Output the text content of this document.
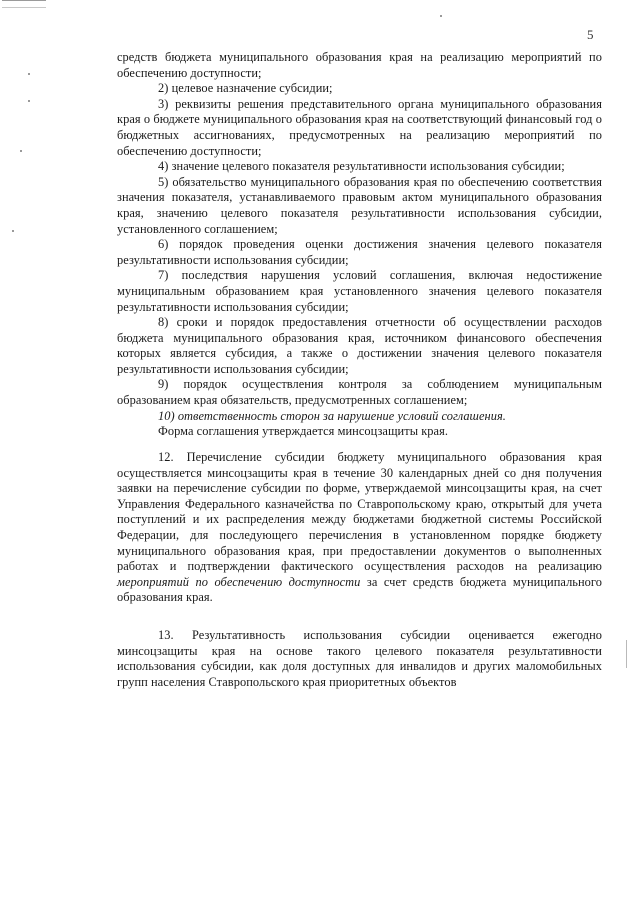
5

средств бюджета муниципального образования края на реализацию мероприятий по обеспечению доступности;

2) целевое назначение субсидии;

3) реквизиты решения представительного органа муниципального образования края о бюджете муниципального образования края на соответствующий финансовый год о бюджетных ассигнованиях, предусмотренных на реализацию мероприятий по обеспечению доступности;

4) значение целевого показателя результативности использования субсидии;

5) обязательство муниципального образования края по обеспечению соответствия значения показателя, устанавливаемого правовым актом муниципального образования края, значению целевого показателя результативности использования субсидии, установленного соглашением;

6) порядок проведения оценки достижения значения целевого показателя результативности использования субсидии;

7) последствия нарушения условий соглашения, включая недостижение муниципальным образованием края установленного значения целевого показателя результативности использования субсидии;

8) сроки и порядок предоставления отчетности об осуществлении расходов бюджета муниципального образования края, источником финансового обеспечения которых является субсидия, а также о достижении значения целевого показателя результативности использования субсидии;

9) порядок осуществления контроля за соблюдением муниципальным образованием края обязательств, предусмотренных соглашением;

10) ответственность сторон за нарушение условий соглашения.

Форма соглашения утверждается минсоцзащиты края.

12. Перечисление субсидии бюджету муниципального образования края осуществляется минсоцзащиты края в течение 30 календарных дней со дня получения заявки на перечисление субсидии по форме, утверждаемой минсоцзащиты края, на счет Управления Федерального казначейства по Ставропольскому краю, открытый для учета поступлений и их распределения между бюджетами бюджетной системы Российской Федерации, для последующего перечисления в установленном порядке бюджету муниципального образования края, при предоставлении документов о выполненных работах и подтверждении фактического осуществления расходов на реализацию мероприятий по обеспечению доступности за счет средств бюджета муниципального образования края.

13. Результативность использования субсидии оценивается ежегодно минсоцзащиты края на основе такого целевого показателя результативности использования субсидии, как доля доступных для инвалидов и других маломобильных групп населения Ставропольского края приоритетных объектов
